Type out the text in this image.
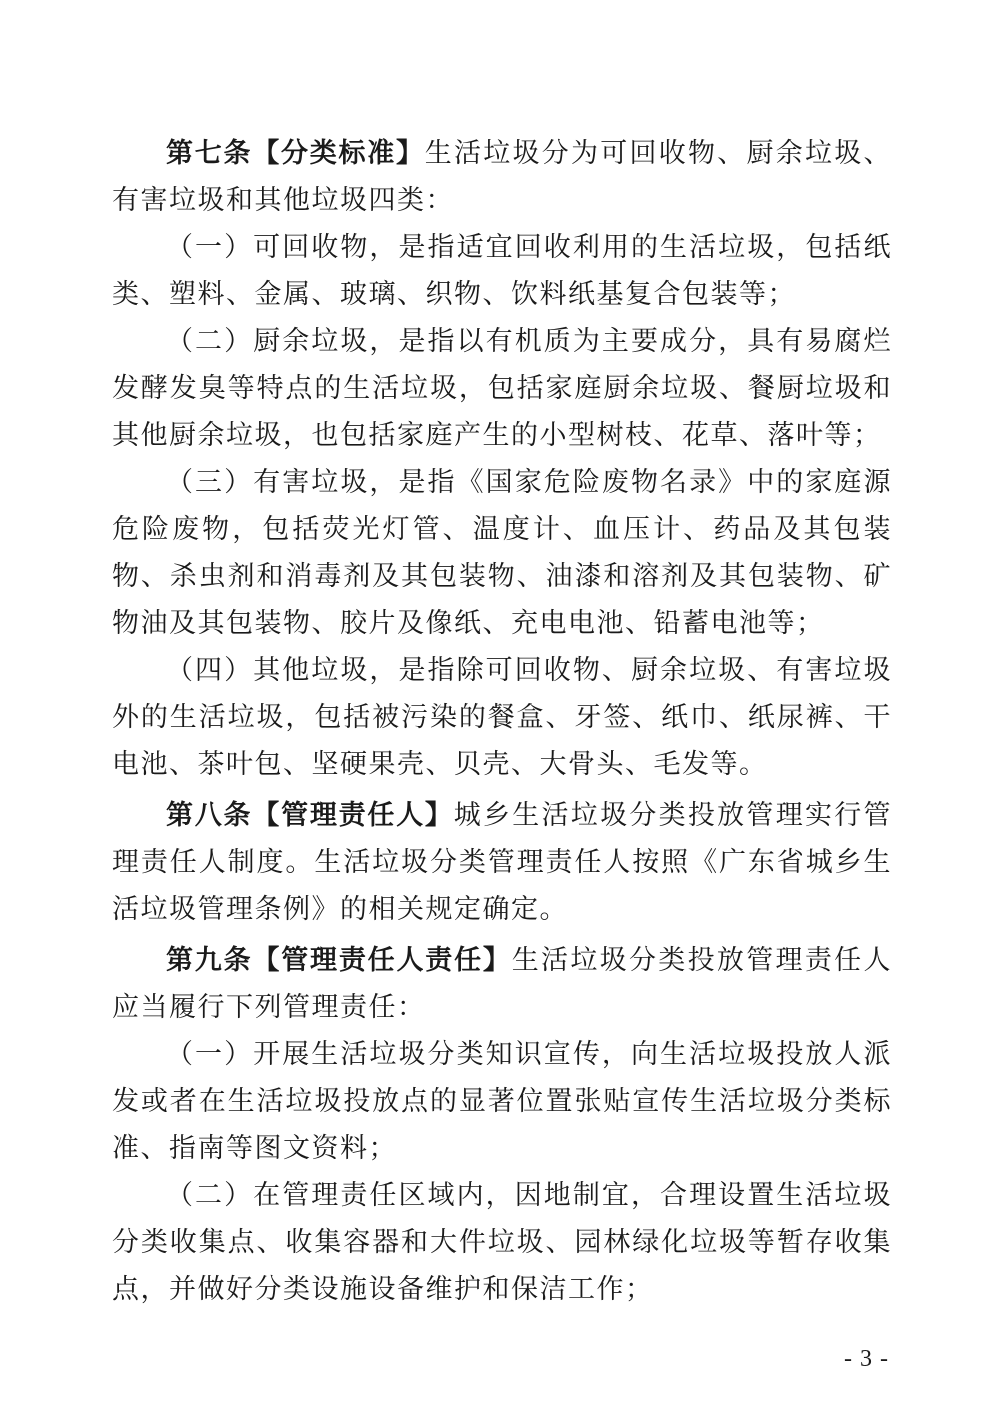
第七条【分类标准】生活垃圾分为可回收物、厨余垃圾、有害垃圾和其他垃圾四类：

（一）可回收物，是指适宜回收利用的生活垃圾，包括纸类、塑料、金属、玻璃、织物、饮料纸基复合包装等；

（二）厨余垃圾，是指以有机质为主要成分，具有易腐烂发酵发臭等特点的生活垃圾，包括家庭厨余垃圾、餐厨垃圾和其他厨余垃圾，也包括家庭产生的小型树枝、花草、落叶等；

（三）有害垃圾，是指《国家危险废物名录》中的家庭源危险废物，包括荧光灯管、温度计、血压计、药品及其包装物、杀虫剂和消毒剂及其包装物、油漆和溶剂及其包装物、矿物油及其包装物、胶片及像纸、充电电池、铅蓄电池等；

（四）其他垃圾，是指除可回收物、厨余垃圾、有害垃圾外的生活垃圾，包括被污染的餐盒、牙签、纸巾、纸尿裤、干电池、茶叶包、坚硬果壳、贝壳、大骨头、毛发等。

第八条【管理责任人】城乡生活垃圾分类投放管理实行管理责任人制度。生活垃圾分类管理责任人按照《广东省城乡生活垃圾管理条例》的相关规定确定。

第九条【管理责任人责任】生活垃圾分类投放管理责任人应当履行下列管理责任：

（一）开展生活垃圾分类知识宣传，向生活垃圾投放人派发或者在生活垃圾投放点的显著位置张贴宣传生活垃圾分类标准、指南等图文资料；

（二）在管理责任区域内，因地制宜，合理设置生活垃圾分类收集点、收集容器和大件垃圾、园林绿化垃圾等暂存收集点，并做好分类设施设备维护和保洁工作；

- 3 -
